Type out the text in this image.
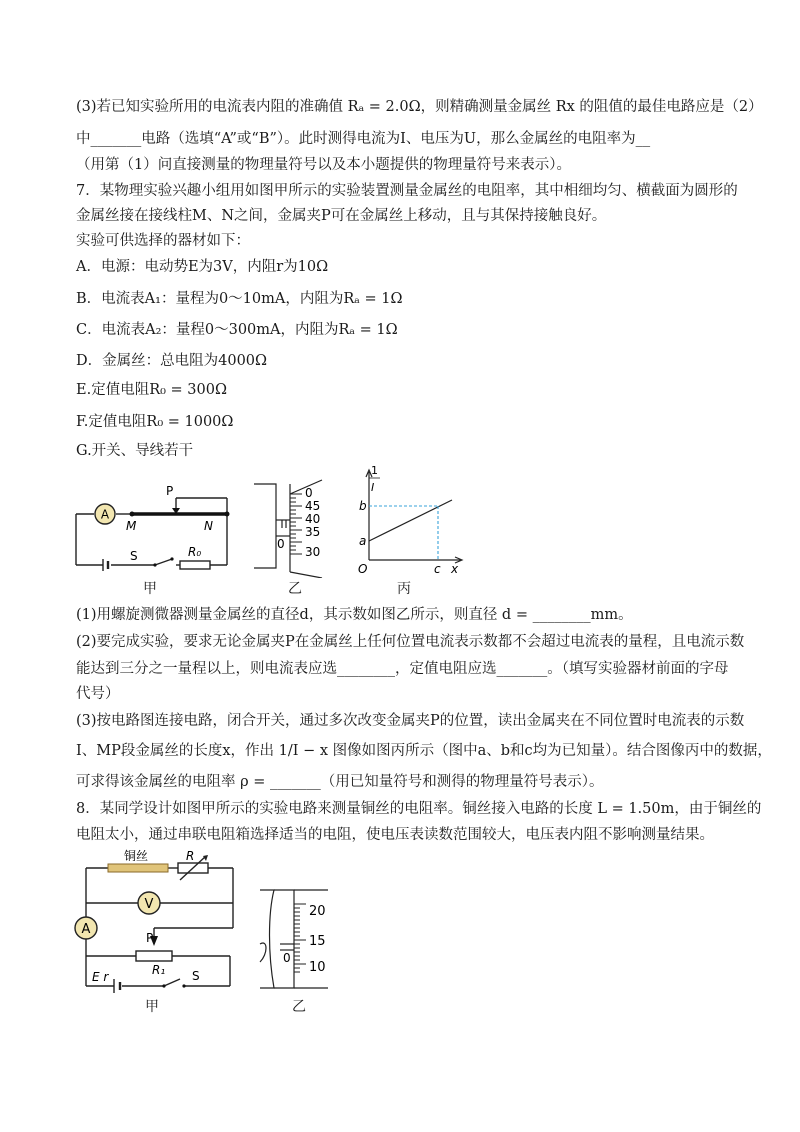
(3)若已知实验所用的电流表内阻的准确值 Rₐ = 2.0Ω，则精确测量金属丝 Rx 的阻值的最佳电路应是（2）
中_______电路（选填“A”或“B”）。此时测得电流为I、电压为U，那么金属丝的电阻率为__
（用第（1）问直接测量的物理量符号以及本小题提供的物理量符号来表示）。
7．某物理实验兴趣小组用如图甲所示的实验装置测量金属丝的电阻率，其中相细均匀、横截面为圆形的
金属丝接在接线柱M、N之间，金属夹P可在金属丝上移动，且与其保持接触良好。
实验可供选择的器材如下：
A．电源：电动势E为3V，内阻r为10Ω
B．电流表A₁：量程为0～10mA，内阻为Rₐ = 1Ω
C．电流表A₂：量程0～300mA，内阻为Rₐ = 1Ω
D．金属丝：总电阻为4000Ω
E.定值电阻R₀ = 300Ω
F.定值电阻R₀ = 1000Ω
G.开关、导线若干
A
P
M	N
S	R₀
甲
0
45
40
35
30
0
乙
1
I
b
a
O	c x
丙
(1)用螺旋测微器测量金属丝的直径d，其示数如图乙所示，则直径 d = ________mm。
(2)要完成实验，要求无论金属夹P在金属丝上任何位置电流表示数都不会超过电流表的量程，且电流示数
能达到三分之一量程以上，则电流表应选________，定值电阻应选_______。（填写实验器材前面的字母
代号）
(3)按电路图连接电路，闭合开关，通过多次改变金属夹P的位置，读出金属夹在不同位置时电流表的示数
I、MP段金属丝的长度x，作出 1/I − x 图像如图丙所示（图中a、b和c均为已知量）。结合图像丙中的数据，
可求得该金属丝的电阻率 ρ = _______（用已知量符号和测得的物理量符号表示）。
8．某同学设计如图甲所示的实验电路来测量铜丝的电阻率。铜丝接入电路的长度 L = 1.50m，由于铜丝的
电阻太小，通过串联电阻箱选择适当的电阻，使电压表读数范围较大，电压表内阻不影响测量结果。
V
A
铜丝	R
P
R₁
E r	S
甲
20
15
10
0
乙
